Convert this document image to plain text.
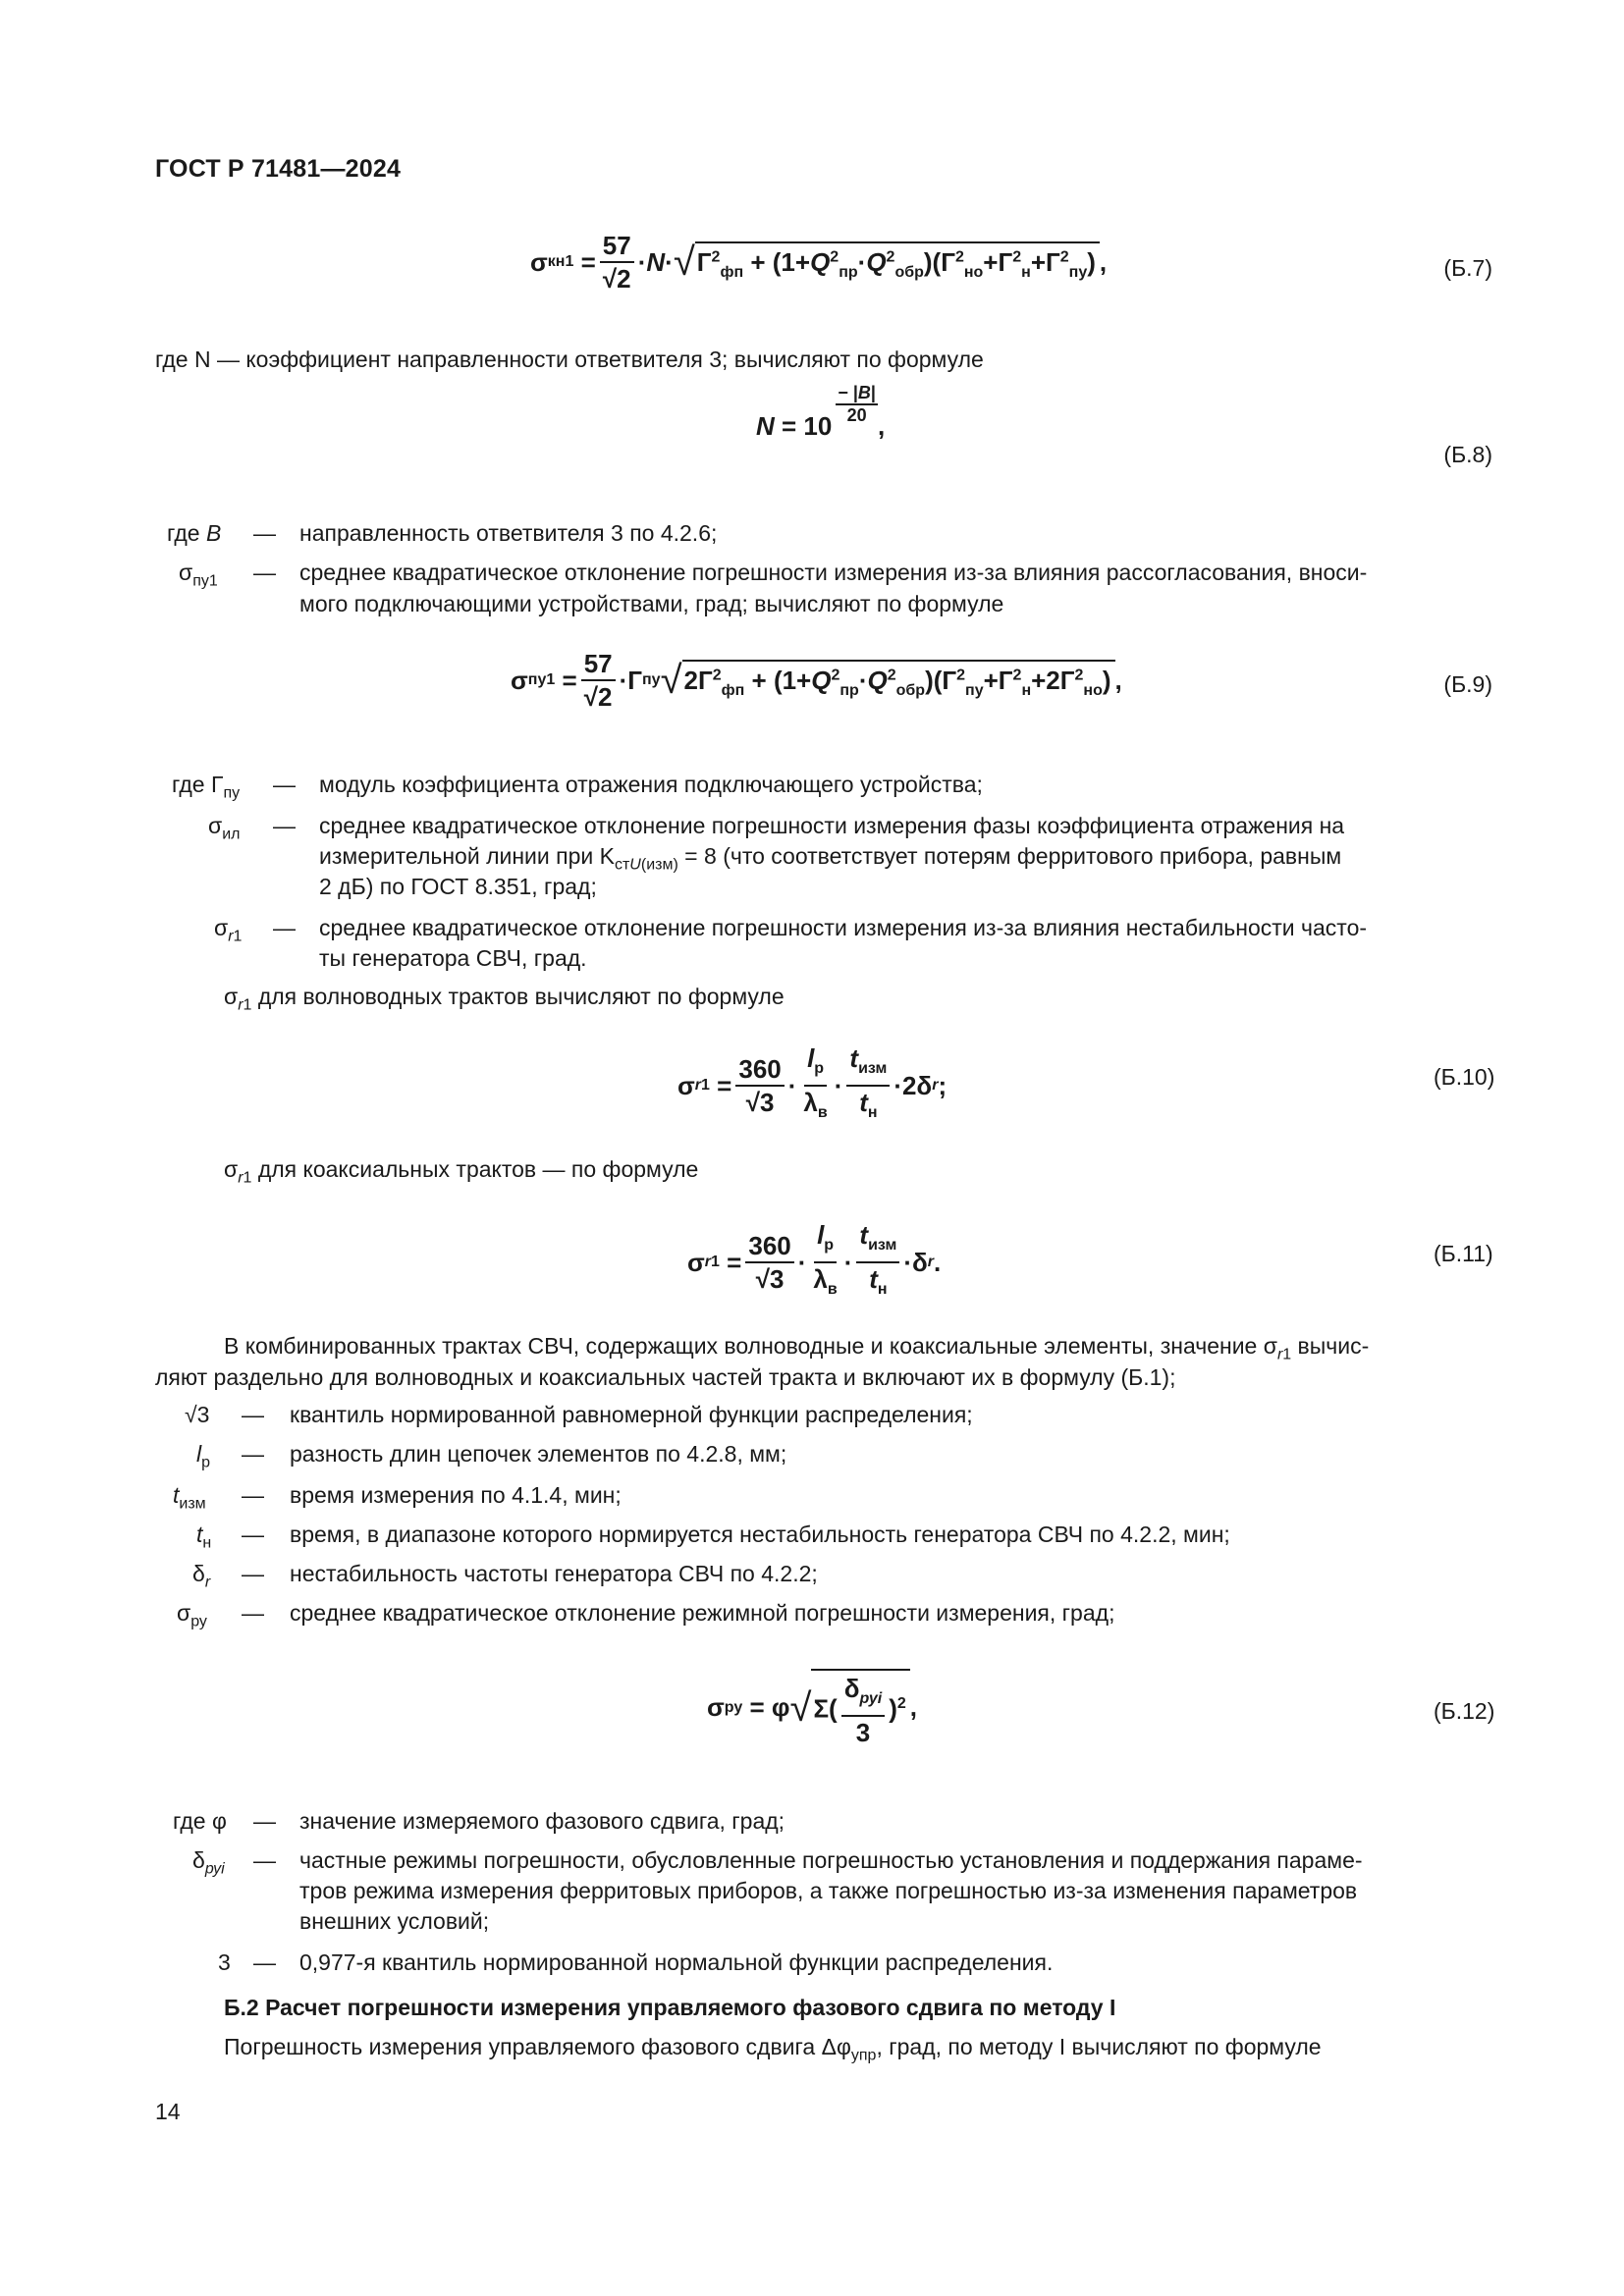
ГОСТ Р 71481—2024
σ $кн1 = \frac{57}{√2} \cdot N$ · √ $Г^2_{фп} + (1+Q^2_{пр}\cdot Q^2_{обр})(Г^2_{но}+Г^2_н+Г^2_{пу})$ ,	(Б.7)
где N — коэффициент направленности ответвителя 3; вычисляют по формуле
N = 10
− |B|
20 ,
(Б.8)
где B — направленность ответвителя 3 по 4.2.6;
$\sigma_{пу1}$ — среднее квадратическое отклонение погрешности измерения из-за влияния рассогласования, вноси-
мого подключающими устройствами, град; вычисляют по формуле
σ $пу1 = \frac{57}{√2} \cdot Г$ пу √ $2Г^2_{фп} + (1+Q^2_{пр}\cdot Q^2_{обр})(Г^2_{пу}+Г^2_н+2Г^2_{но})$ ,	(Б.9)
где $Г_{пу}$ — модуль коэффициента отражения подключающего устройства;
$\sigma_{ил}$ — среднее квадратическое отклонение погрешности измерения фазы коэффициента отражения на
измерительной линии при $K_{стU(изм)} = 8$ (что соответствует потерям ферритового прибора, равным
2 дБ) по ГОСТ 8.351, град;
$\sigma_{r1}$ — среднее квадратическое отклонение погрешности измерения из-за влияния нестабильности часто-
ты генератора СВЧ, град.
$\sigma_{r1}$ для волноводных трактов вычисляют по формуле
σ $r1 = \frac{360}{√3} \cdot \frac{l_р}{\lambda_в} \cdot \frac{t_{изм}}{t_н} \cdot 2\delta$ r ;	(Б.10)
$\sigma_{r1}$ для коаксиальных трактов — по формуле
σ $r1 = \frac{360}{√3} \cdot \frac{l_р}{\lambda_в} \cdot \frac{t_{изм}}{t_н} \cdot\delta$ r .	(Б.11)
В комбинированных трактах СВЧ, содержащих волноводные и коаксиальные элементы, значение $\sigma_{r1}$ вычис-
ляют раздельно для волноводных и коаксиальных частей тракта и включают их в формулу (Б.1);
√3 — квантиль нормированной равномерной функции распределения;
$l_р$ — разность длин цепочек элементов по 4.2.8, мм;
$t_{изм}$ — время измерения по 4.1.4, мин;
$t_н$ — время, в диапазоне которого нормируется нестабильность генератора СВЧ по 4.2.2, мин;
$\delta_r$ — нестабильность частоты генератора СВЧ по 4.2.2;
$\sigma_{ру}$ — среднее квадратическое отклонение режимной погрешности измерения, град;
σ ру = φ √ $\Sigma( \frac{\delta_{руi}}{3} )^2$ ,	(Б.12)
где φ — значение измеряемого фазового сдвига, град;
$\delta_{руi}$ — частные режимы погрешности, обусловленные погрешностью установления и поддержания параме-
тров режима измерения ферритовых приборов, а также погрешностью из-за изменения параметров
внешних условий;
3 — 0,977-я квантиль нормированной нормальной функции распределения.
Б.2 Расчет погрешности измерения управляемого фазового сдвига по методу I
Погрешность измерения управляемого фазового сдвига $\Delta\varphi_{упр}$, град, по методу I вычисляют по формуле
14
